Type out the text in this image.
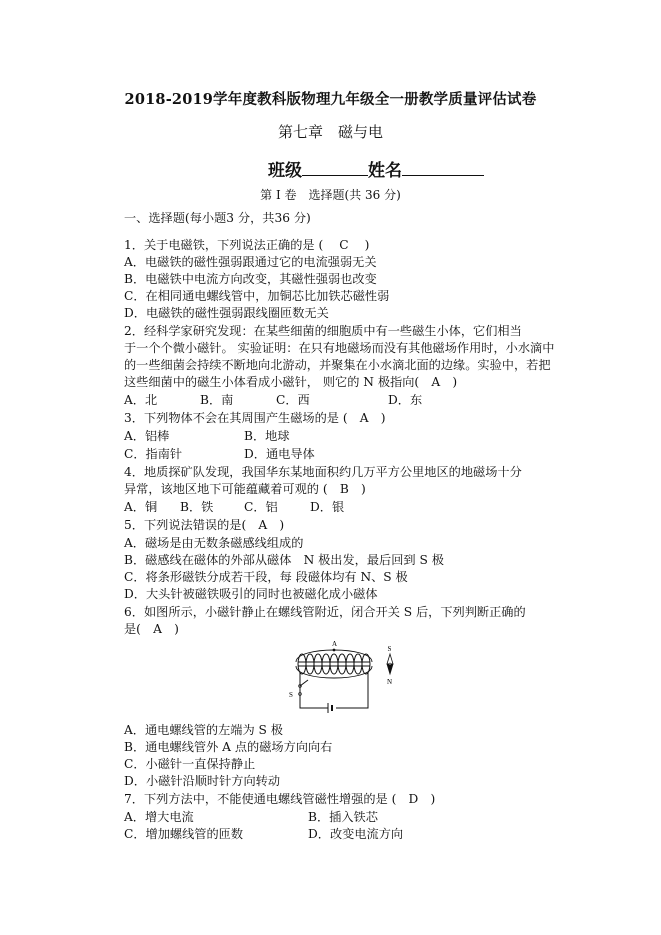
2018-2019学年度教科版物理九年级全一册教学质量评估试卷
第七章　磁与电
班级	姓名
第 I 卷　选择题(共 36 分)
一、选择题(每小题3 分，共36 分)
1．关于电磁铁，下列说法正确的是 (　 C 　)
A．电磁铁的磁性强弱跟通过它的电流强弱无关
B．电磁铁中电流方向改变，其磁性强弱也改变
C．在相同通电螺线管中，加铜芯比加铁芯磁性弱
D．电磁铁的磁性强弱跟线圈匝数无关
2．经科学家研究发现：在某些细菌的细胞质中有一些磁生小体，它们相当
于一个个微小磁针。 实验证明：在只有地磁场而没有其他磁场作用时，小水滴中
的一些细菌会持续不断地向北游动，并聚集在小水滴北面的边缘。实验中，若把
这些细菌中的磁生小体看成小磁针， 则它的 N 极指向(　A　)
A．北	B．南	C．西	D．东
3．下列物体不会在其周围产生磁场的是 (　A　)
A．铝棒	B．地球
C．指南针	D．通电导体
4．地质探矿队发现，我国华东某地面积约几万平方公里地区的地磁场十分
异常，该地区地下可能蕴藏着可观的 (　B　)
A．铜 B．铁	C．铝	D．银
5．下列说法错误的是(　A　)
A．磁场是由无数条磁感线组成的
B．磁感线在磁体的外部从磁体　N 极出发，最后回到 S 极
C．将条形磁铁分成若干段，每 段磁体均有 N、S 极
D．大头针被磁铁吸引的同时也被磁化成小磁体
6．如图所示，小磁针静止在螺线管附近，闭合开关 S 后，下列判断正确的
是(　A　)
A
S
S
N
A．通电螺线管的左端为 S 极
B．通电螺线管外 A 点的磁场方向向右
C．小磁针一直保持静止
D．小磁针沿顺时针方向转动
7．下列方法中，不能使通电螺线管磁性增强的是 (　D　)
A．增大电流	B．插入铁芯
C．增加螺线管的匝数	D．改变电流方向
